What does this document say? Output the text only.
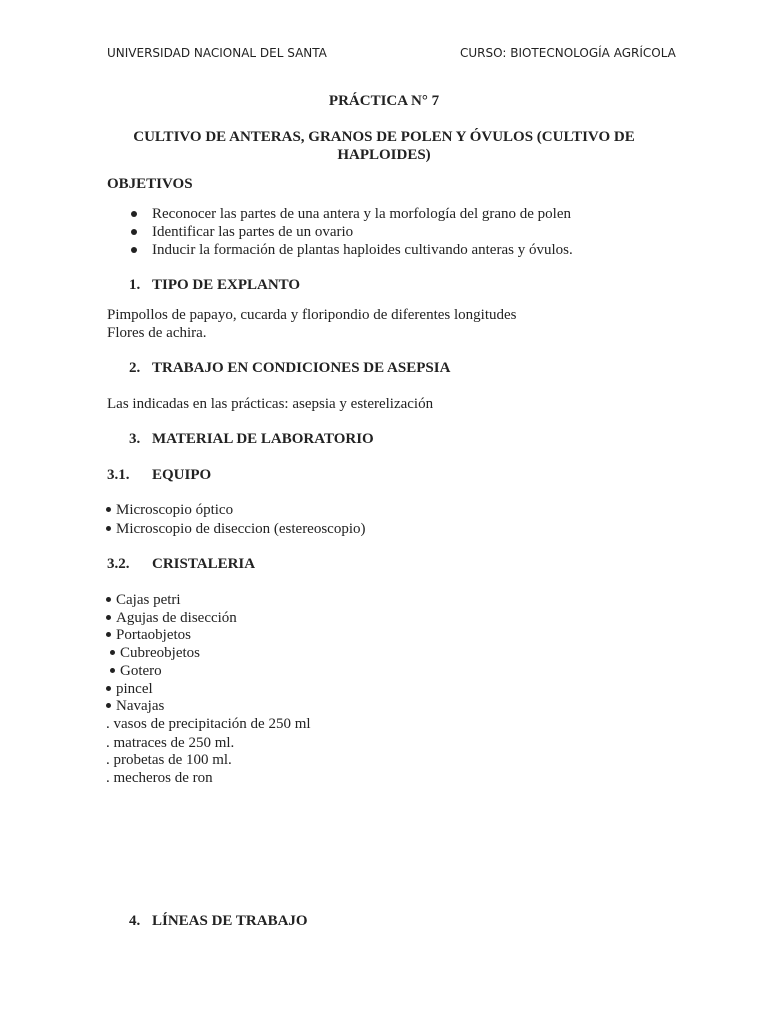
UNIVERSIDAD NACIONAL DEL SANTA	CURSO: BIOTECNOLOGÍA AGRÍCOLA
PRÁCTICA N° 7
CULTIVO DE ANTERAS, GRANOS DE POLEN Y ÓVULOS (CULTIVO DE HAPLOIDES)
OBJETIVOS
Reconocer las partes de una antera y la morfología del grano de polen
Identificar las partes de un ovario
Inducir la formación de plantas haploides cultivando anteras y óvulos.
1. TIPO DE EXPLANTO
Pimpollos de papayo, cucarda y floripondio de diferentes longitudes
Flores de achira.
2. TRABAJO EN CONDICIONES DE ASEPSIA
Las indicadas en las prácticas: asepsia y esterelización
3. MATERIAL DE LABORATORIO
3.1. EQUIPO
Microscopio óptico
Microscopio de diseccion (estereoscopio)
3.2. CRISTALERIA
Cajas petri
Agujas de disección
Portaobjetos
Cubreobjetos
Gotero
pincel
Navajas
. vasos de precipitación de 250 ml
. matraces de 250 ml.
. probetas de 100 ml.
. mecheros de ron
4. LÍNEAS DE TRABAJO
